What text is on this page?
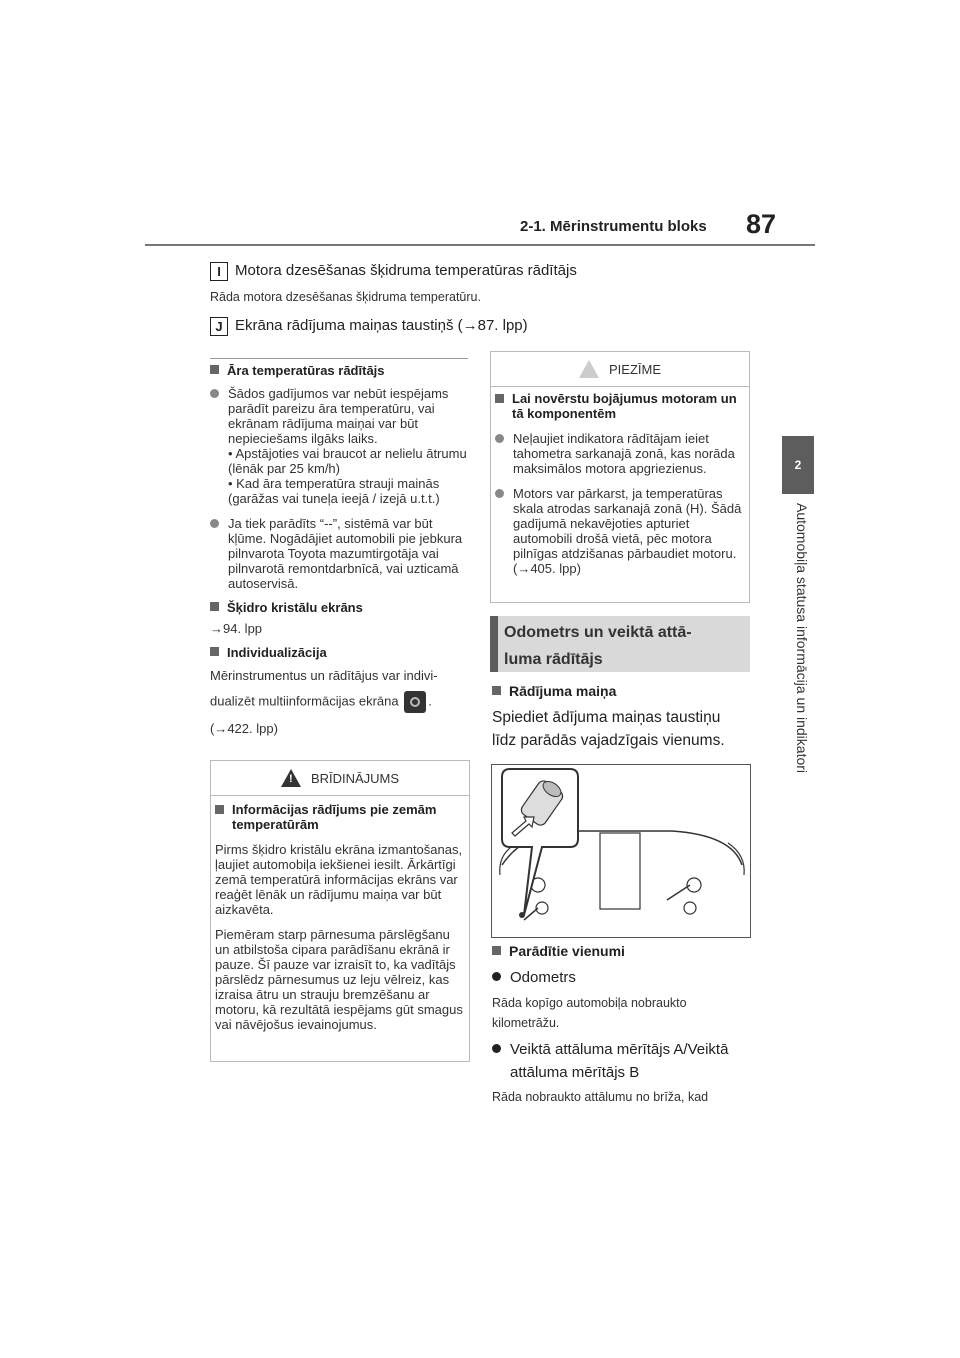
2-1. Mērinstrumentu bloks 87
2
Automobiļa statusa informācija un indikatori
I Motora dzesēšanas šķidruma temperatūras rādītājs
Rāda motora dzesēšanas šķidruma temperatūru.
J Ekrāna rādījuma maiņas taustiņš (→87. lpp)
Āra temperatūras rādītājs
Šādos gadījumos var nebūt iespējams parādīt pareizu āra temperatūru, vai ekrānam rādījuma maiņai var būt nepieciešams ilgāks laiks.
• Apstājoties vai braucot ar nelielu ātrumu (lēnāk par 25 km/h)
• Kad āra temperatūra strauji mainās (garāžas vai tuneļa ieejā / izejā u.t.t.)
Ja tiek parādīts “--”, sistēmā var būt kļūme. Nogādājiet automobili pie jebkura pilnvarota Toyota mazumtirgotāja vai pilnvarotā remontdarbnīcā, vai uzticamā autoservisā.
Šķidro kristālu ekrāns
→94. lpp
Individualizācija
Mērinstrumentus un rādītājus var indivi-
dualizēt multiinformācijas ekrāna .
(→422. lpp)
! BRĪDINĀJUMS
Informācijas rādījums pie zemām temperatūrām
Pirms šķidro kristālu ekrāna izmantošanas, ļaujiet automobiļa iekšienei iesilt. Ārkārtīgi zemā temperatūrā informācijas ekrāns var reaģēt lēnāk un rādījumu maiņa var būt aizkavēta.
Piemēram starp pārnesuma pārslēgšanu un atbilstoša cipara parādīšanu ekrānā ir pauze. Šī pauze var izraisīt to, ka vadītājs pārslēdz pārnesumus uz leju vēlreiz, kas izraisa ātru un strauju bremzēšanu ar motoru, kā rezultātā iespējams gūt smagus vai nāvējošus ievainojumus.
PIEZĪME
Lai novērstu bojājumus motoram un tā komponentēm
Neļaujiet indikatora rādītājam ieiet tahometra sarkanajā zonā, kas norāda maksimālos motora apgriezienus.
Motors var pārkarst, ja temperatūras skala atrodas sarkanajā zonā (H). Šādā gadījumā nekavējoties apturiet automobili drošā vietā, pēc motora pilnīgas atdzišanas pārbaudiet motoru. (→405. lpp)
Odometrs un veiktā attā-
luma rādītājs
Rādījuma maiņa
Spiediet ādījuma maiņas taustiņu
līdz parādās vajadzīgais vienums.
Parādītie vienumi
Odometrs
Rāda kopīgo automobiļa nobraukto
kilometrāžu.
Veiktā attāluma mērītājs A/Veiktā
attāluma mērītājs B
Rāda nobraukto attālumu no brīža, kad
